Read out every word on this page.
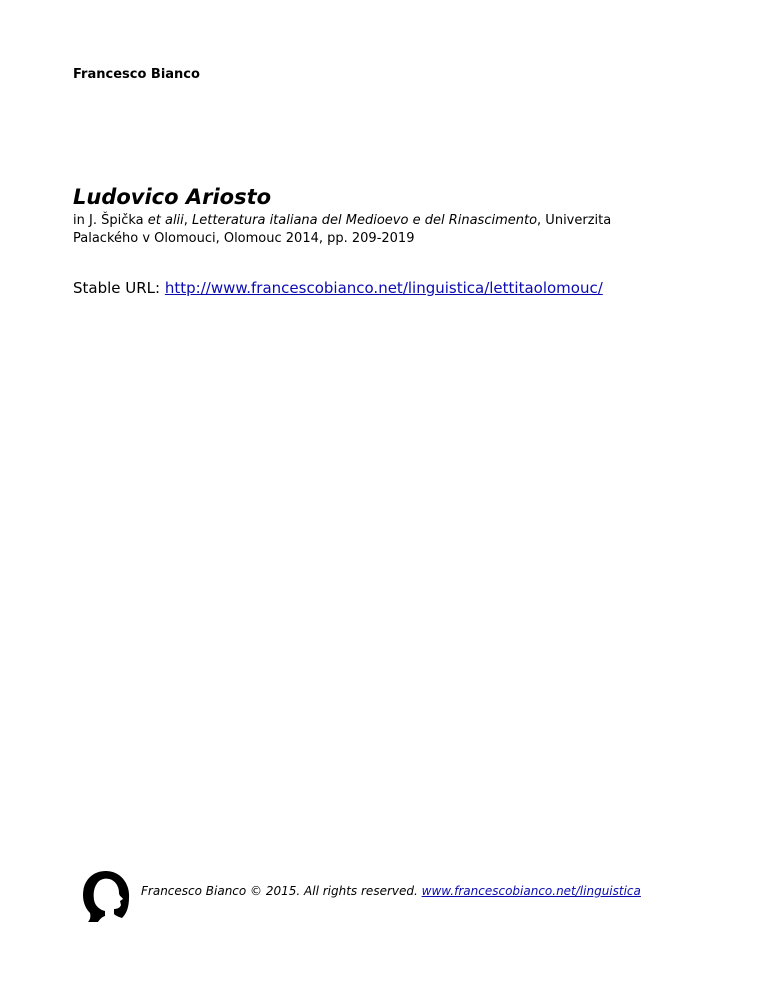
Francesco Bianco
Ludovico Ariosto
in J. Špička et alii, Letteratura italiana del Medioevo e del Rinascimento, Univerzita
Palackého v Olomouci, Olomouc 2014, pp. 209-2019
Stable URL: http://www.francescobianco.net/linguistica/lettitaolomouc/
Francesco Bianco © 2015. All rights reserved. www.francescobianco.net/linguistica
